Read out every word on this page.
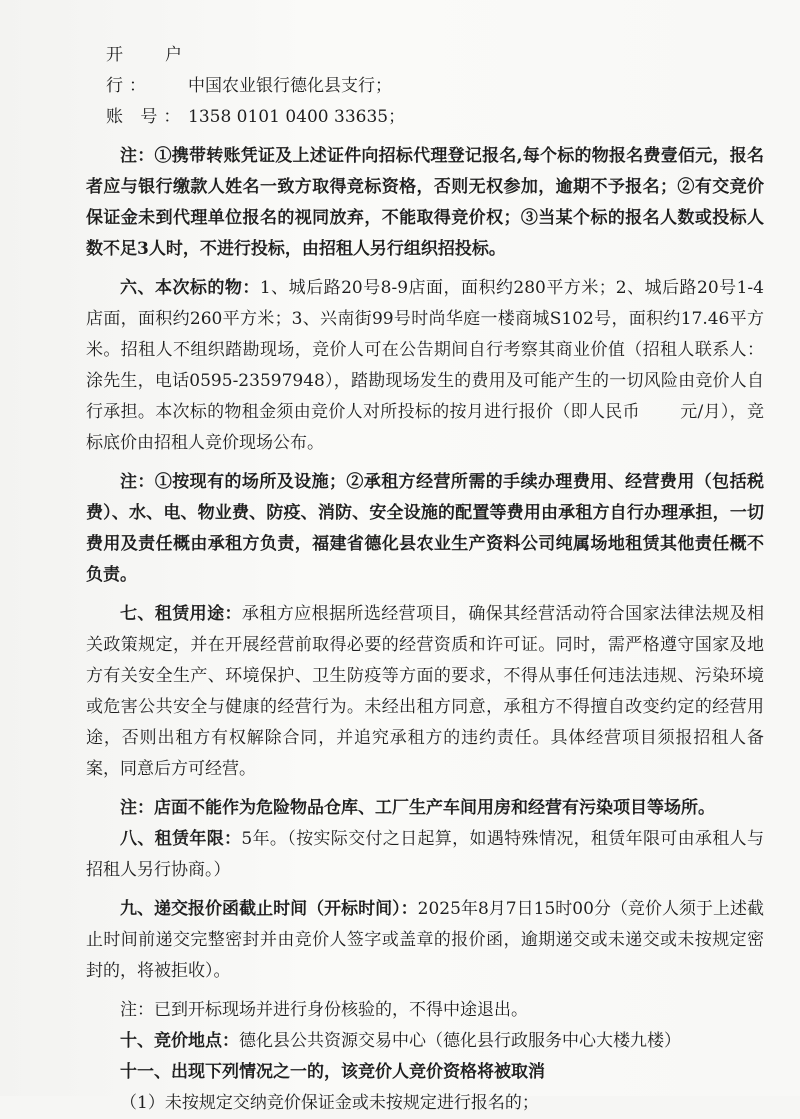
开 户 行： 中国农业银行德化县支行；

账 号：1358 0101 0400 33635；

注：①携带转账凭证及上述证件向招标代理登记报名,每个标的物报名费壹佰元，报名者应与银行缴款人姓名一致方取得竞标资格，否则无权参加，逾期不予报名；②有交竞价保证金未到代理单位报名的视同放弃，不能取得竞价权；③当某个标的报名人数或投标人数不足3人时，不进行投标，由招租人另行组织招投标。

六、本次标的物：1、城后路20号8-9店面，面积约280平方米；2、城后路20号1-4店面，面积约260平方米；3、兴南街99号时尚华庭一楼商城S102号，面积约17.46平方米。招租人不组织踏勘现场，竞价人可在公告期间自行考察其商业价值（招租人联系人：涂先生，电话0595-23597948），踏勘现场发生的费用及可能产生的一切风险由竞价人自行承担。本次标的物租金须由竞价人对所投标的按月进行报价（即人民币 元/月），竞标底价由招租人竞价现场公布。

注：①按现有的场所及设施；②承租方经营所需的手续办理费用、经营费用（包括税费）、水、电、物业费、防疫、消防、安全设施的配置等费用由承租方自行办理承担，一切费用及责任概由承租方负责，福建省德化县农业生产资料公司纯属场地租赁其他责任概不负责。

七、租赁用途：承租方应根据所选经营项目，确保其经营活动符合国家法律法规及相关政策规定，并在开展经营前取得必要的经营资质和许可证。同时，需严格遵守国家及地方有关安全生产、环境保护、卫生防疫等方面的要求，不得从事任何违法违规、污染环境或危害公共安全与健康的经营行为。未经出租方同意，承租方不得擅自改变约定的经营用途，否则出租方有权解除合同，并追究承租方的违约责任。具体经营项目须报招租人备案，同意后方可经营。

注：店面不能作为危险物品仓库、工厂生产车间用房和经营有污染项目等场所。

八、租赁年限：5年。（按实际交付之日起算，如遇特殊情况，租赁年限可由承租人与招租人另行协商。）

九、递交报价函截止时间（开标时间）：2025年8月7日15时00分（竞价人须于上述截止时间前递交完整密封并由竞价人签字或盖章的报价函，逾期递交或未递交或未按规定密封的，将被拒收）。

注：已到开标现场并进行身份核验的，不得中途退出。

十、竞价地点：德化县公共资源交易中心（德化县行政服务中心大楼九楼）

十一、出现下列情况之一的，该竞价人竞价资格将被取消

（1）未按规定交纳竞价保证金或未按规定进行报名的；
